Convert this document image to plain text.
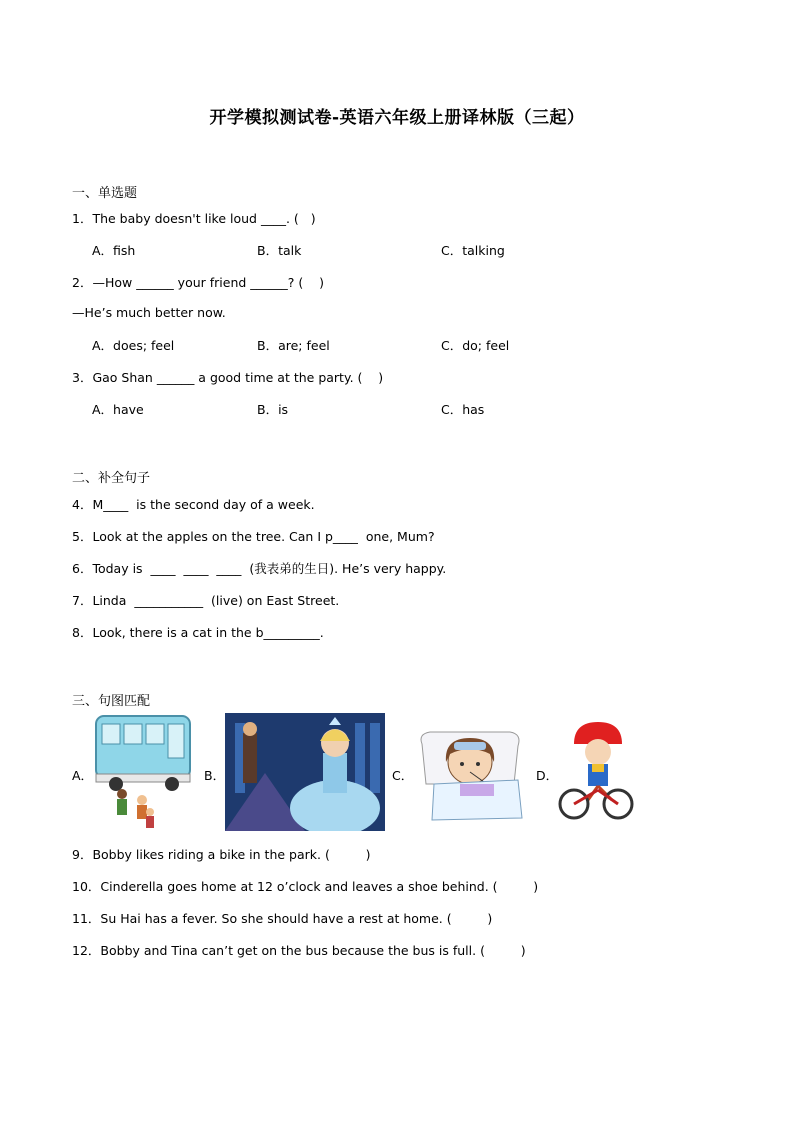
开学模拟测试卷-英语六年级上册译林版（三起）
一、单选题
1．The baby doesn't like loud ____. (   )
A．fish	B．talk	C．talking
2．—How ______ your friend ______? (    )
—He’s much better now.
A．does; feel	B．are; feel	C．do; feel
3．Gao Shan ______ a good time at the party. (    )
A．have	B．is	C．has
二、补全句子
4．M____  is the second day of a week.
5．Look at the apples on the tree. Can I p____  one, Mum?
6．Today is  ____  ____  ____  (我表弟的生日). He’s very happy.
7．Linda  ___________  (live) on East Street.
8．Look, there is a cat in the b_________.
三、句图匹配
A．	B．	C．	D．
9．Bobby likes riding a bike in the park. (         )
10．Cinderella goes home at 12 o’clock and leaves a shoe behind. (         )
11．Su Hai has a fever. So she should have a rest at home. (         )
12．Bobby and Tina can’t get on the bus because the bus is full. (         )
